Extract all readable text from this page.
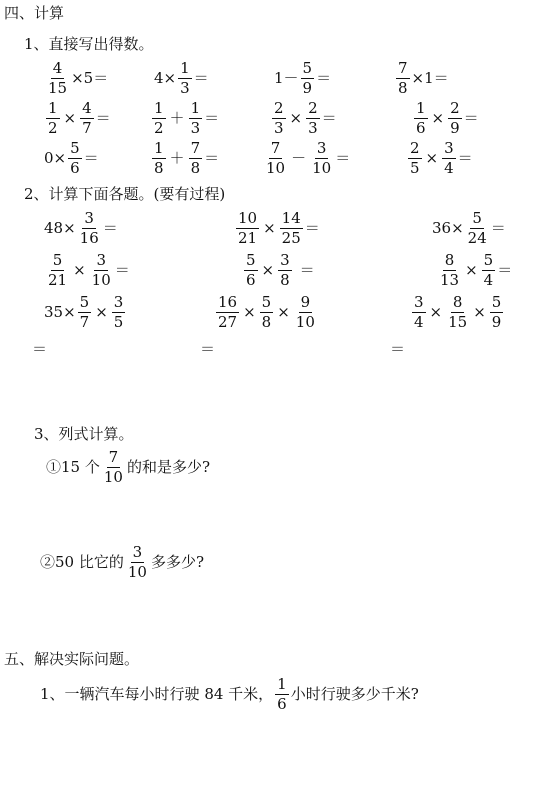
四、计算
1、直接写出得数。
$\frac{4}{15} \times 5=$	$4\times \frac{1}{3}$ ＝	$1- \frac{5}{9}$ ＝	$\frac{7}{8} \times 1=$
$\frac{1}{2} \times \frac{4}{7}$ ＝	$\frac{1}{2} + \frac{1}{3}$ ＝	$\frac{2}{3} \times \frac{2}{3}$ ＝	$\frac{1}{6} \times \frac{2}{9}$ ＝
$0\times \frac{5}{6}$ ＝	$\frac{1}{8} + \frac{7}{8}$ ＝	$\frac{7}{10} - \frac{3}{10}$ ＝	$\frac{2}{5} \times \frac{3}{4}$ ＝
2、计算下面各题。(要有过程)
$48\times \frac{3}{16}$ ＝	$\frac{10}{21} \times \frac{14}{25}$ ＝	$36\times \frac{5}{24}$ ＝
$\frac{5}{21} \times \frac{3}{10}$ ＝	$\frac{5}{6} \times \frac{3}{8}$ ＝	$\frac{8}{13} \times \frac{5}{4}$ ＝
$35\times \frac{5}{7} \times \frac{3}{5}$	$\frac{16}{27} \times \frac{5}{8} \times \frac{9}{10}$	$\frac{3}{4} \times \frac{8}{15} \times \frac{5}{9}$
＝	＝	＝
3、列式计算。
①15 个 $\frac{7}{10}$ 的和是多少?
②50 比它的 $\frac{3}{10}$ 多多少?
五、解决实际问题。
1、一辆汽车每小时行驶 84 千米， $\frac{1}{6}$ 小时行驶多少千米?
